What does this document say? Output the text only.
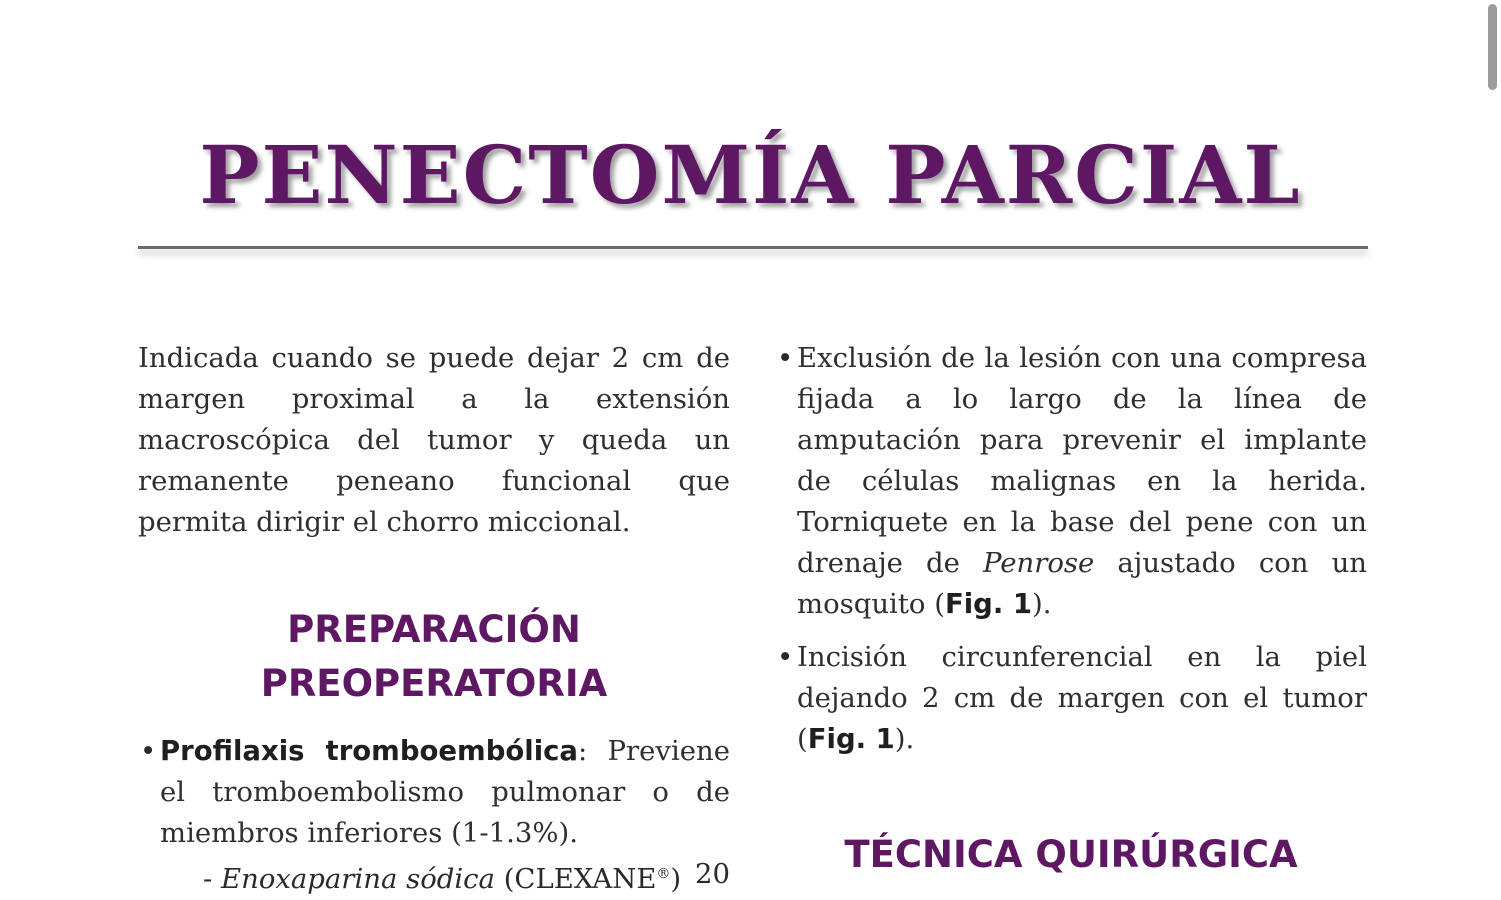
PENECTOMÍA PARCIAL

Indicada cuando se puede dejar 2 cm de margen proximal a la extensión macroscópica del tumor y queda un remanente peneano funcional que permita dirigir el chorro miccional.

PREPARACIÓN
PREOPERATORIA
• Profilaxis tromboembólica: Previene el tromboembolismo pulmonar o de miembros inferiores (1-1.3%).

- Enoxaparina sódica (CLEXANE®) 20

• Exclusión de la lesión con una compresa fijada a lo largo de la línea de amputación para prevenir el implante de células malignas en la herida. Torniquete en la base del pene con un drenaje de Penrose ajustado con un mosquito (Fig. 1).

• Incisión circunferencial en la piel dejando 2 cm de margen con el tumor (Fig. 1).

TÉCNICA QUIRÚRGICA
